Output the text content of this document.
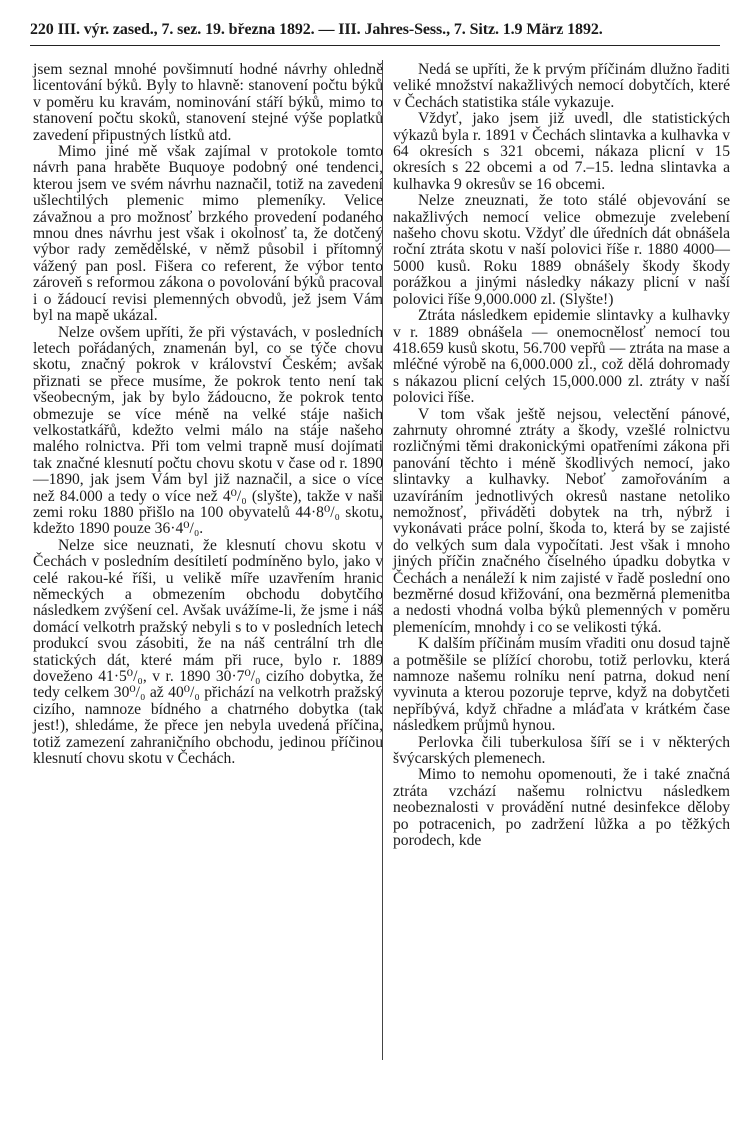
220 III. výr. zased., 7. sez. 19. března 1892. — III. Jahres-Sess., 7. Sitz. 1.9 März 1892.

jsem seznal mnohé povšimnutí hodné návrhy ohledně licentování býků. Byly to hlavně: stanovení počtu býků v poměru ku kravám, nominování stáří býků, mimo to stanovení počtu skoků, stanovení stejné výše poplatků zavedení připustných lístků atd.

Mimo jiné mě však zajímal v protokole tomto návrh pana hraběte Buquoye podobný oné tendenci, kterou jsem ve svém návrhu naznačil, totiž na zavedení ušlechtilých plemenic mimo plemeníky. Velice závažnou a pro možnosť brzkého provedení podaného mnou dnes návrhu jest však i okolnosť ta, že dotčený výbor rady zemědělské, v němž působil i přítomný vážený pan posl. Fišera co referent, že výbor tento zároveň s reformou zákona o povolování býků pracoval i o žádoucí revisi plemenných obvodů, jež jsem Vám byl na mapě ukázal.

Nelze ovšem upříti, že při výstavách, v posledních letech pořádaných, znamenán byl, co se týče chovu skotu, značný pokrok v království Českém; avšak přiznati se přece musíme, že pokrok tento není tak všeobecným, jak by bylo žádoucno, že pokrok tento obmezuje se více méně na velké stáje našich velkostatkářů, kdežto velmi málo na stáje našeho malého rolnictva. Při tom velmi trapně musí dojímati tak značné klesnutí počtu chovu skotu v čase od r. 1890—1890, jak jsem Vám byl již naznačil, a sice o více než 84.000 a tedy o více než 4⁰/₀ (slyšte), takže v naši zemi roku 1880 přišlo na 100 obyvatelů 44·8⁰/₀ skotu, kdežto 1890 pouze 36·4⁰/₀.

Nelze sice neuznati, že klesnutí chovu skotu v Čechách v posledním desítiletí podmíněno bylo, jako v celé rakou-ké říši, u velikě míře uzavřením hranic německých a obmezením obchodu dobytčího následkem zvýšení cel. Avšak uvážíme-li, že jsme i náš domácí velkotrh pražský nebyli s to v posledních letech produkcí svou zásobiti, že na náš centrální trh dle statických dát, které mám při ruce, bylo r. 1889 doveženo 41·5⁰/₀, v r. 1890 30·7⁰/₀ cizího dobytka, že tedy celkem 30⁰/₀ až 40⁰/₀ přichází na velkotrh pražský cizího, namnoze bídného a chatrného dobytka (tak jest!), shledáme, že přece jen nebyla uvedená příčina, totiž zamezení zahraničního obchodu, jedinou příčinou klesnutí chovu skotu v Čechách.

Nedá se upříti, že k prvým příčinám dlužno řaditi veliké množství nakažlivých nemocí dobytčích, které v Čechách statistika stále vykazuje.

Vždyť, jako jsem již uvedl, dle statistických výkazů byla r. 1891 v Čechách slintavka a kulhavka v 64 okresích s 321 obcemi, nákaza plicní v 15 okresích s 22 obcemi a od 7.–15. ledna slintavka a kulhavka 9 okresův se 16 obcemi.

Nelze zneuznati, že toto stálé objevování se nakažlivých nemocí velice obmezuje zvelebení našeho chovu skotu. Vždyť dle úředních dát obnášela roční ztráta skotu v naší polovici říše r. 1880 4000—5000 kusů. Roku 1889 obnášely škody škody porážkou a jinými následky nákazy plicní v naší polovici říše 9,000.000 zl. (Slyšte!)

Ztráta následkem epidemie slintavky a kulhavky v r. 1889 obnášela — onemocnělosť nemocí tou 418.659 kusů skotu, 56.700 vepřů — ztráta na mase a mléčné výrobě na 6,000.000 zl., což dělá dohromady s nákazou plicní celých 15,000.000 zl. ztráty v naší polovici říše.

V tom však ještě nejsou, velectění pánové, zahrnuty ohromné ztráty a škody, vzešlé rolnictvu rozličnými těmi drakonickými opatřeními zákona při panování těchto i méně škodlivých nemocí, jako slintavky a kulhavky. Neboť zamořováním a uzavíráním jednotlivých okresů nastane netoliko nemožnosť, přiváděti dobytek na trh, nýbrž i vykonávati práce polní, škoda to, která by se zajisté do velkých sum dala vypočítati. Jest však i mnoho jiných příčin značného číselného úpadku dobytka v Čechách a nenáleží k nim zajisté v řadě poslední ono bezměrné dosud křižování, ona bezměrná plemenitba a nedosti vhodná volba býků plemenných v poměru plemenícím, mnohdy i co se velikosti týká.

K dalším příčinám musím vřaditi onu dosud tajně a potměšile se plížící chorobu, totiž perlovku, která namnoze našemu rolníku není patrna, dokud není vyvinuta a kterou pozoruje teprve, když na dobytčeti nepříbývá, když chřadne a mláďata v krátkém čase následkem průjmů hynou.

Perlovka čili tuberkulosa šíří se i v některých švýcarských plemenech.

Mimo to nemohu opomenouti, že i také značná ztráta vzchází našemu rolnictvu následkem neobeznalosti v provádění nutné desinfekce děloby po potracenich, po zadržení lůžka a po těžkých porodech, kde
